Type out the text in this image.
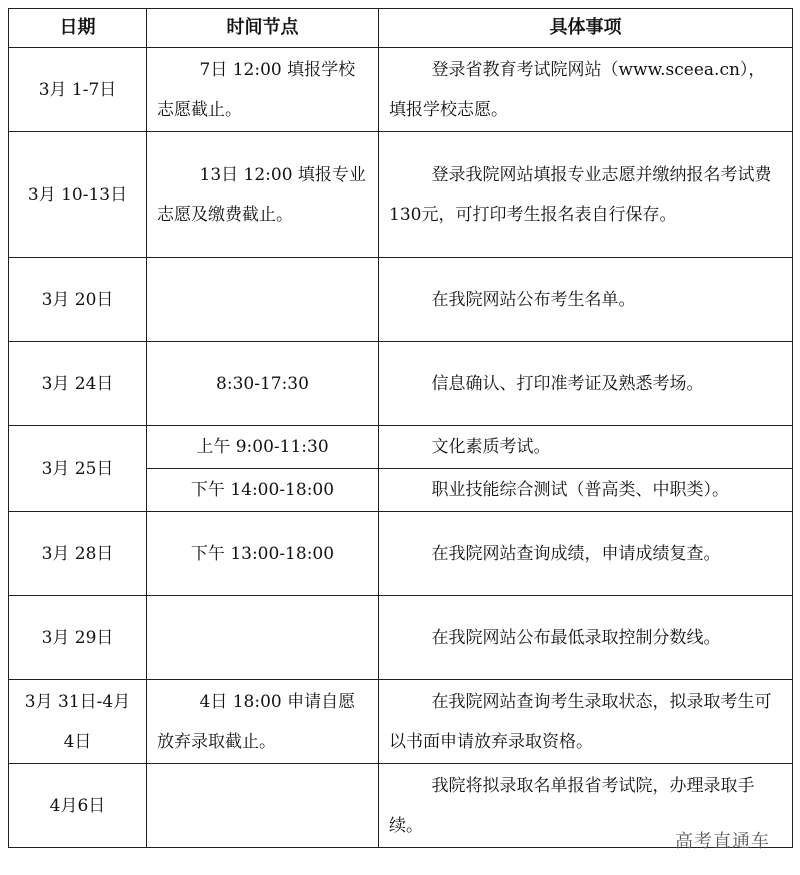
日期	时间节点	具体事项
3月 1-7日	7日 12:00 填报学校志愿截止。	登录省教育考试院网站（www.sceea.cn），填报学校志愿。
3月 10-13日	13日 12:00 填报专业志愿及缴费截止。	登录我院网站填报专业志愿并缴纳报名考试费 130元，可打印考生报名表自行保存。
3月 20日		在我院网站公布考生名单。
3月 24日	8:30-17:30	信息确认、打印准考证及熟悉考场。
3月 25日	上午 9:00-11:30	文化素质考试。
	下午 14:00-18:00	职业技能综合测试（普高类、中职类）。
3月 28日	下午 13:00-18:00	在我院网站查询成绩，申请成绩复查。
3月 29日		在我院网站公布最低录取控制分数线。
3月 31日-4月 4日	4日 18:00 申请自愿放弃录取截止。	在我院网站查询考生录取状态，拟录取考生可以书面申请放弃录取资格。
4月6日		我院将拟录取名单报省考试院，办理录取手续。
高考直通车
